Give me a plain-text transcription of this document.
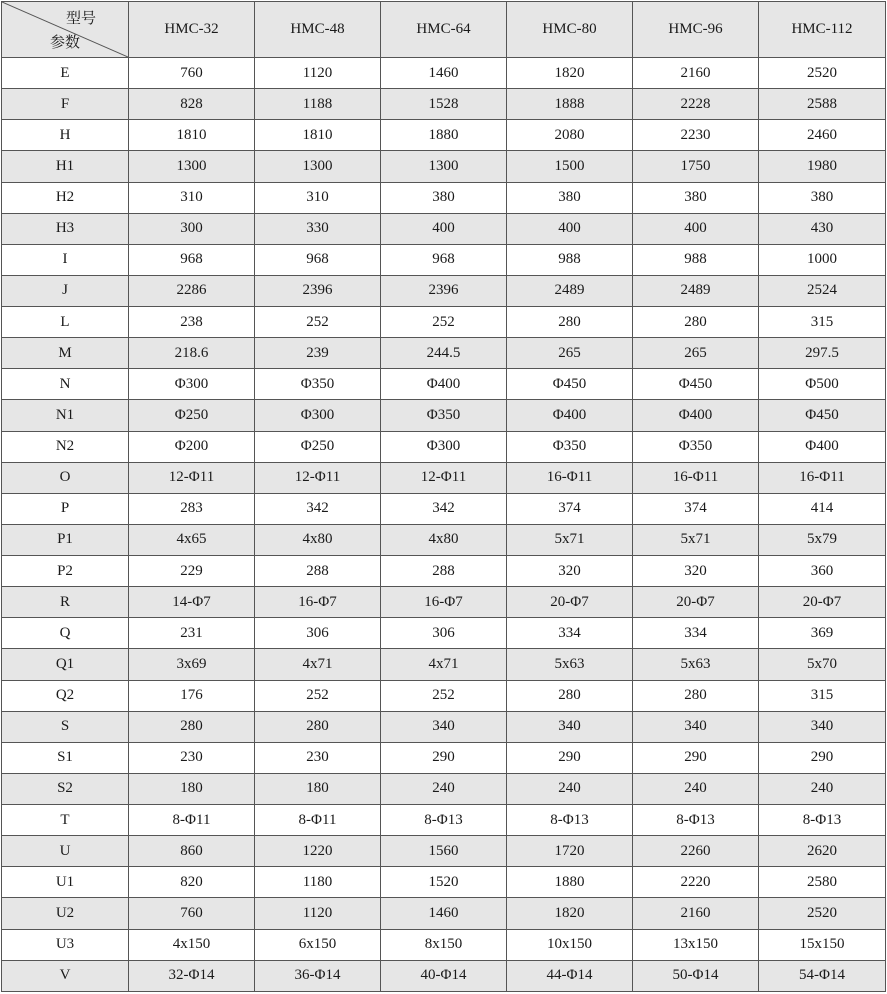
型号
参数	HMC-32	HMC-48	HMC-64	HMC-80	HMC-96	HMC-112
E	760	1120	1460	1820	2160	2520
F	828	1188	1528	1888	2228	2588
H	1810	1810	1880	2080	2230	2460
H1	1300	1300	1300	1500	1750	1980
H2	310	310	380	380	380	380
H3	300	330	400	400	400	430
I	968	968	968	988	988	1000
J	2286	2396	2396	2489	2489	2524
L	238	252	252	280	280	315
M	218.6	239	244.5	265	265	297.5
N	Φ300	Φ350	Φ400	Φ450	Φ450	Φ500
N1	Φ250	Φ300	Φ350	Φ400	Φ400	Φ450
N2	Φ200	Φ250	Φ300	Φ350	Φ350	Φ400
O	12-Φ11	12-Φ11	12-Φ11	16-Φ11	16-Φ11	16-Φ11
P	283	342	342	374	374	414
P1	4x65	4x80	4x80	5x71	5x71	5x79
P2	229	288	288	320	320	360
R	14-Φ7	16-Φ7	16-Φ7	20-Φ7	20-Φ7	20-Φ7
Q	231	306	306	334	334	369
Q1	3x69	4x71	4x71	5x63	5x63	5x70
Q2	176	252	252	280	280	315
S	280	280	340	340	340	340
S1	230	230	290	290	290	290
S2	180	180	240	240	240	240
T	8-Φ11	8-Φ11	8-Φ13	8-Φ13	8-Φ13	8-Φ13
U	860	1220	1560	1720	2260	2620
U1	820	1180	1520	1880	2220	2580
U2	760	1120	1460	1820	2160	2520
U3	4x150	6x150	8x150	10x150	13x150	15x150
V	32-Φ14	36-Φ14	40-Φ14	44-Φ14	50-Φ14	54-Φ14
